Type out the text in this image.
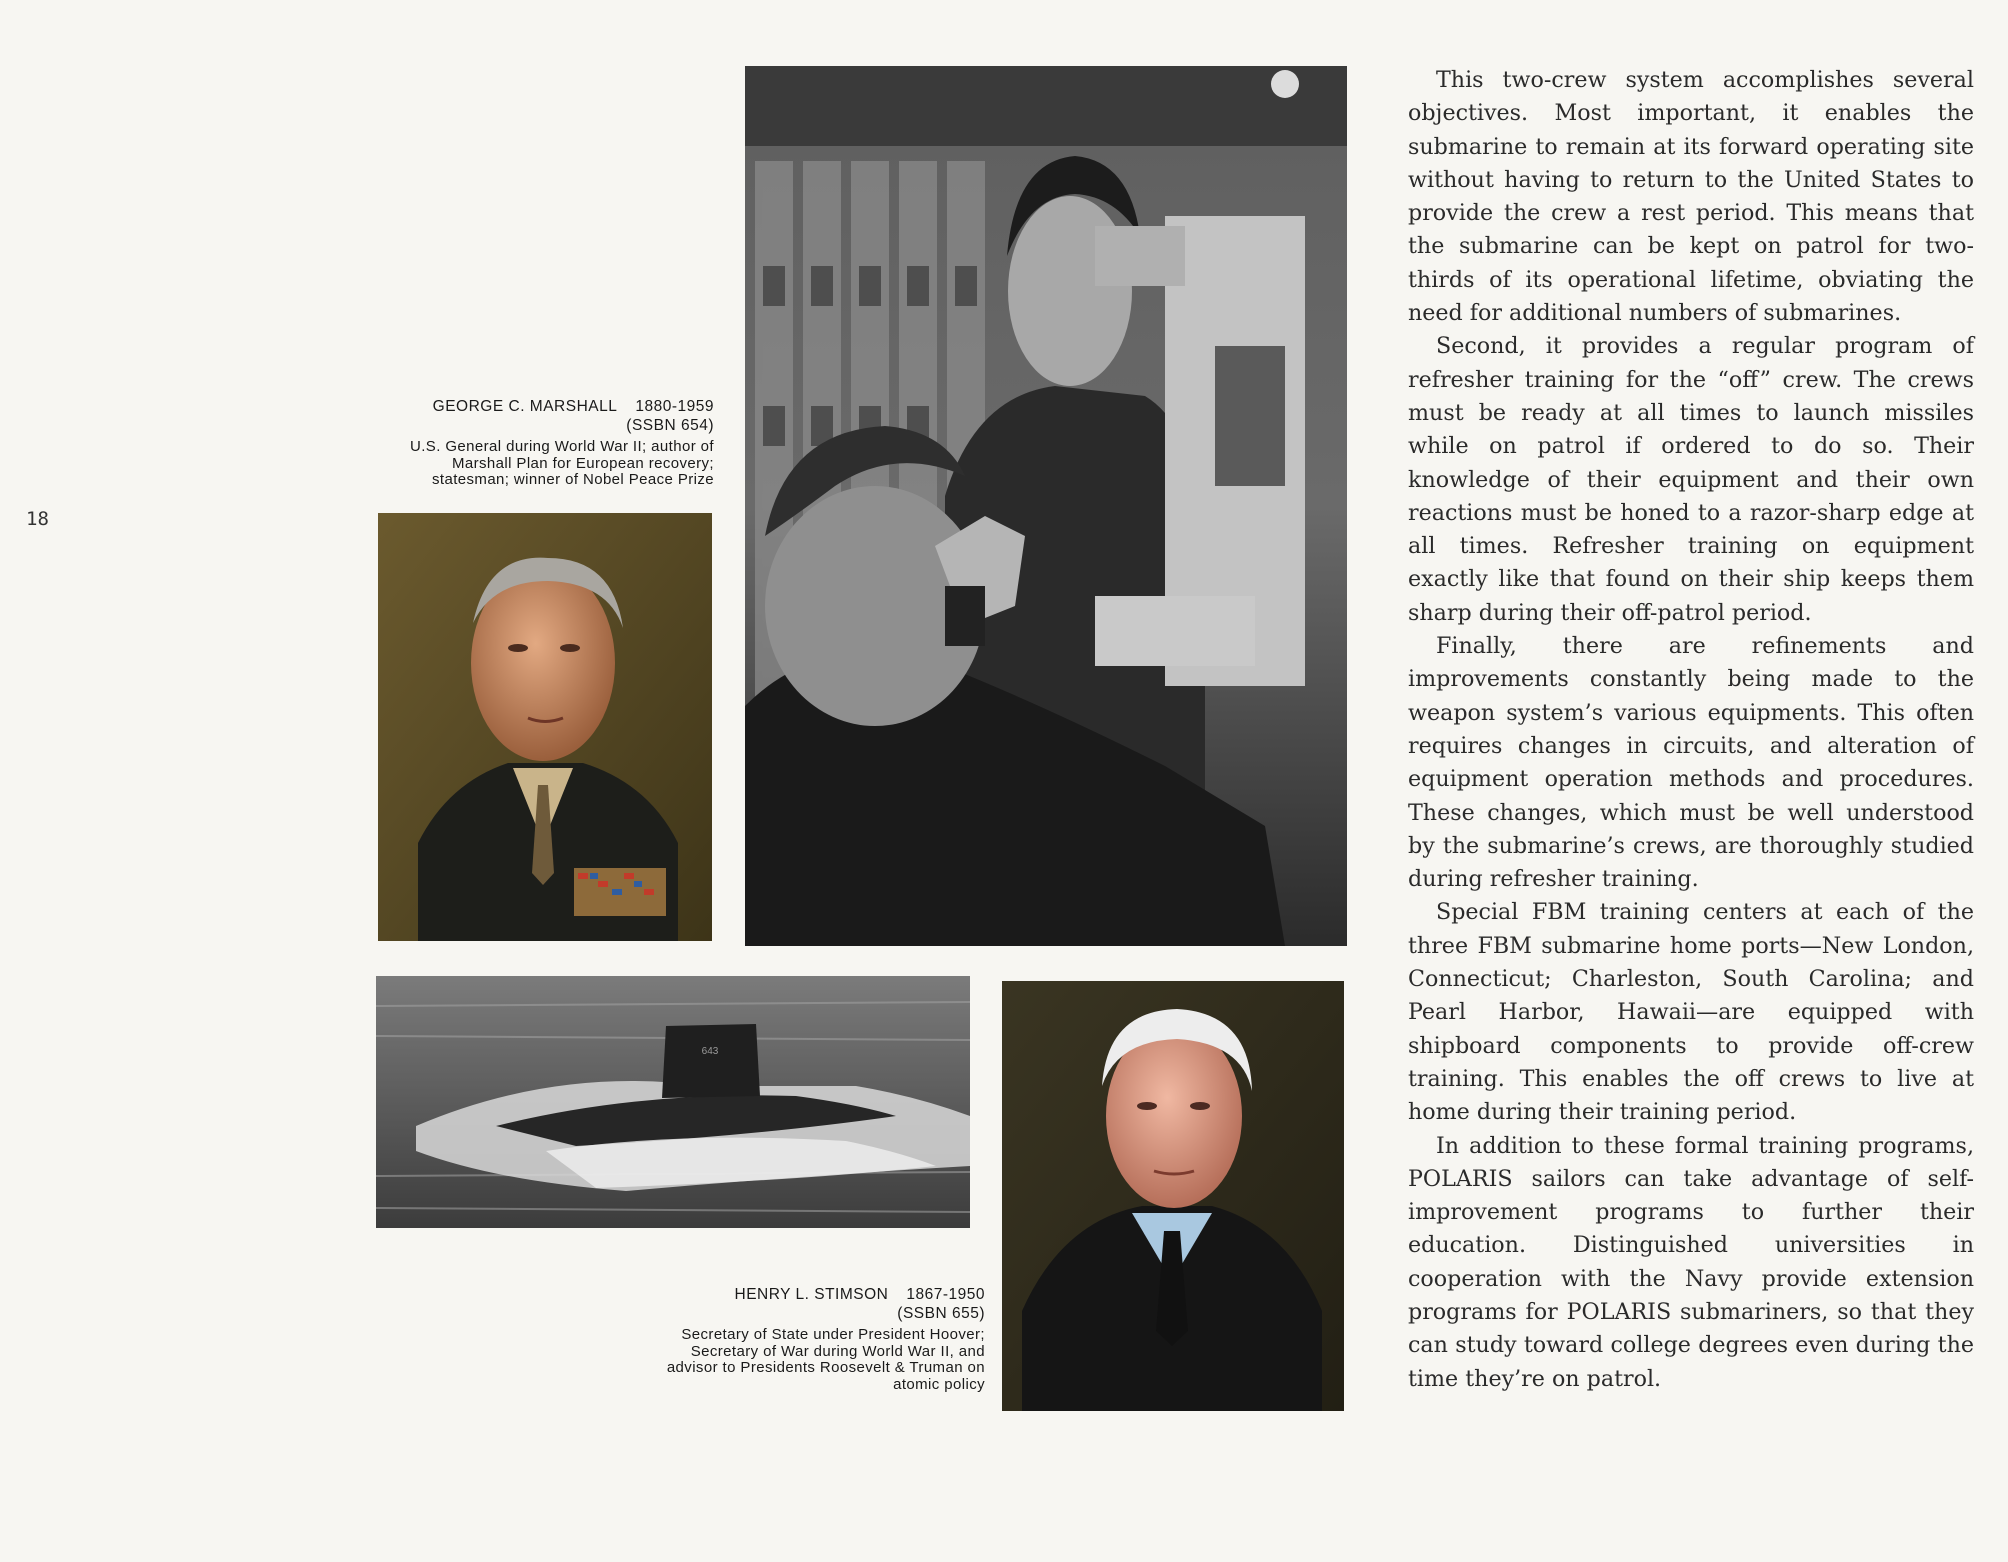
18
GEORGE C. MARSHALL 1880-1959
(SSBN 654)
U.S. General during World War II; author of Marshall Plan for European recovery; statesman; winner of Nobel Peace Prize
643
HENRY L. STIMSON 1867-1950
(SSBN 655)
Secretary of State under President Hoover; Secretary of War during World War II, and advisor to Presidents Roosevelt & Truman on atomic policy

This two-crew system accomplishes several objectives. Most important, it enables the submarine to remain at its forward operating site without having to return to the United States to provide the crew a rest period. This means that the submarine can be kept on patrol for two-thirds of its operational lifetime, obviating the need for additional numbers of submarines.

Second, it provides a regular program of refresher training for the “off” crew. The crews must be ready at all times to launch missiles while on patrol if ordered to do so. Their knowledge of their equipment and their own reactions must be honed to a razor-sharp edge at all times. Refresher training on equipment exactly like that found on their ship keeps them sharp during their off-patrol period.

Finally, there are refinements and improvements constantly being made to the weapon system’s various equipments. This often requires changes in circuits, and alteration of equipment operation methods and procedures. These changes, which must be well understood by the submarine’s crews, are thoroughly studied during refresher training.

Special FBM training centers at each of the three FBM submarine home ports—New London, Connecticut; Charleston, South Carolina; and Pearl Harbor, Hawaii—are equipped with shipboard components to provide off-crew training. This enables the off crews to live at home during their training period.

In addition to these formal training programs, POLARIS sailors can take advantage of self-improvement programs to further their education. Distinguished universities in cooperation with the Navy provide extension programs for POLARIS submariners, so that they can study toward college degrees even during the time they’re on patrol.
